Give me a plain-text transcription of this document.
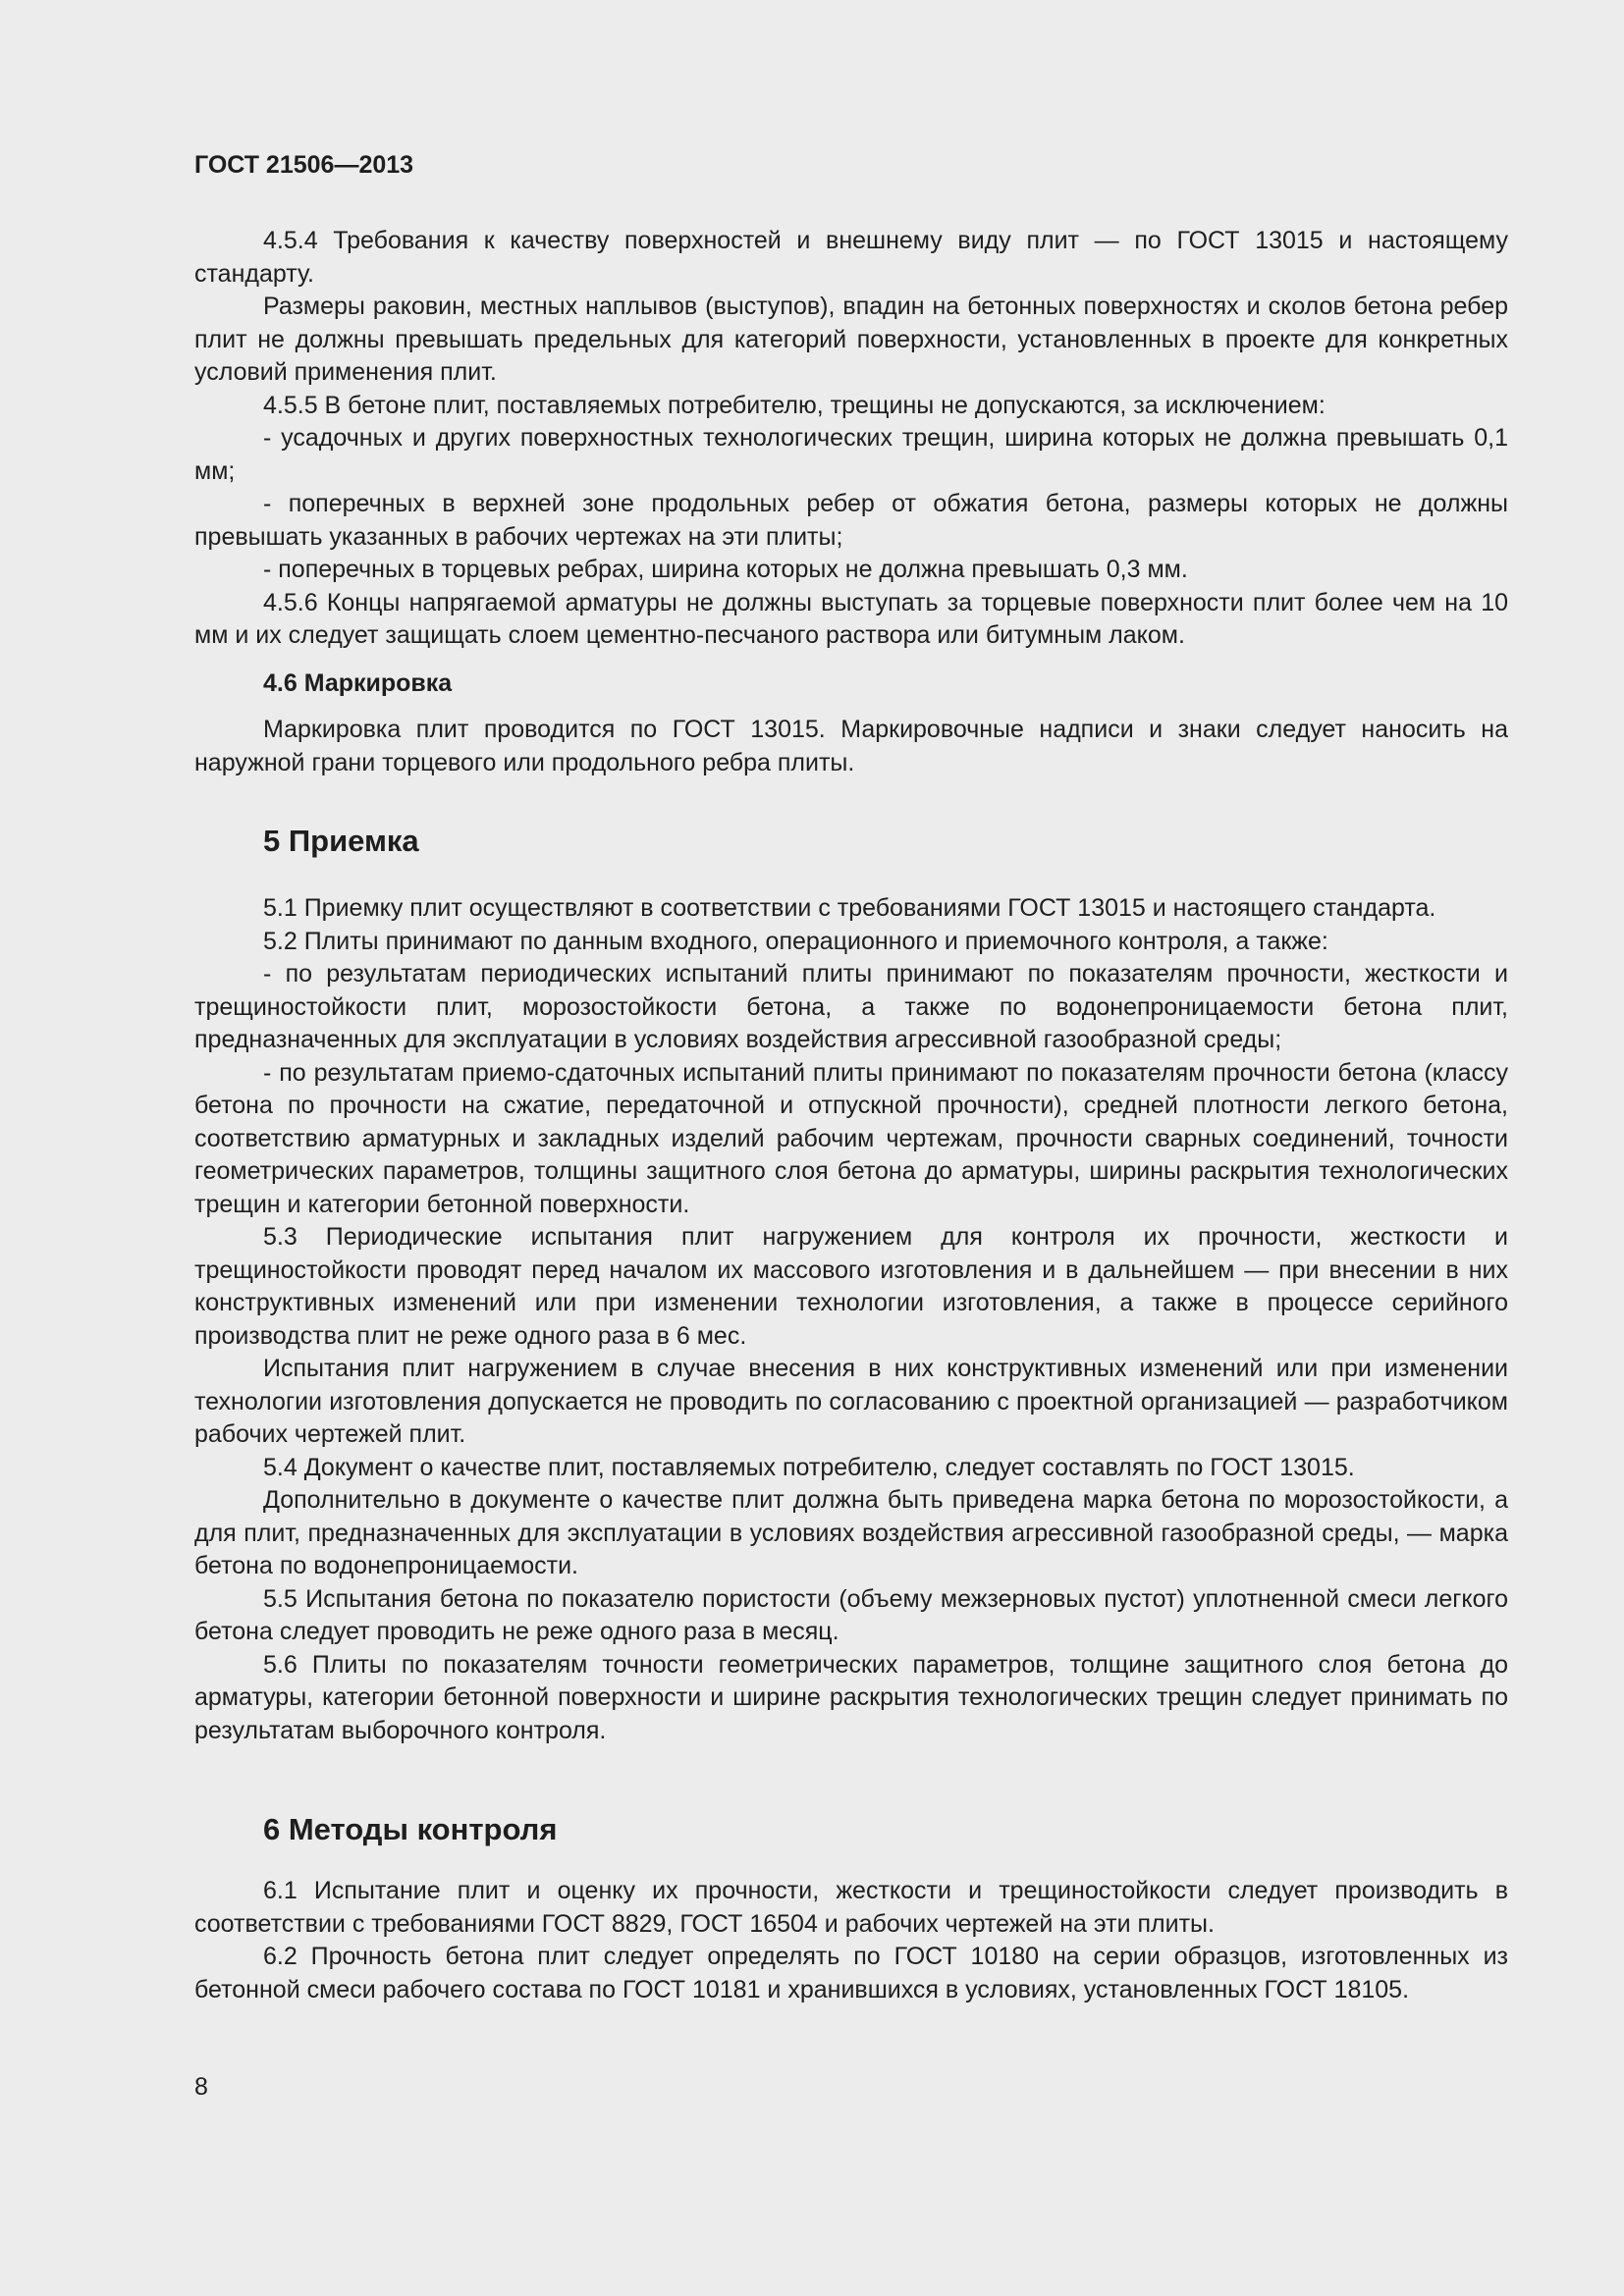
ГОСТ 21506—2013

4.5.4 Требования к качеству поверхностей и внешнему виду плит — по ГОСТ 13015 и настоящему стандарту.

Размеры раковин, местных наплывов (выступов), впадин на бетонных поверхностях и сколов бетона ребер плит не должны превышать предельных для категорий поверхности, установленных в проекте для конкретных условий применения плит.

4.5.5 В бетоне плит, поставляемых потребителю, трещины не допускаются, за исключением:

- усадочных и других поверхностных технологических трещин, ширина которых не должна превышать 0,1 мм;

- поперечных в верхней зоне продольных ребер от обжатия бетона, размеры которых не должны превышать указанных в рабочих чертежах на эти плиты;

- поперечных в торцевых ребрах, ширина которых не должна превышать 0,3 мм.

4.5.6 Концы напрягаемой арматуры не должны выступать за торцевые поверхности плит более чем на 10 мм и их следует защищать слоем цементно-песчаного раствора или битумным лаком.

4.6 Маркировка

Маркировка плит проводится по ГОСТ 13015. Маркировочные надписи и знаки следует наносить на наружной грани торцевого или продольного ребра плиты.

5 Приемка

5.1 Приемку плит осуществляют в соответствии с требованиями ГОСТ 13015 и настоящего стандарта.

5.2 Плиты принимают по данным входного, операционного и приемочного контроля, а также:

- по результатам периодических испытаний плиты принимают по показателям прочности, жесткости и трещиностойкости плит, морозостойкости бетона, а также по водонепроницаемости бетона плит, предназначенных для эксплуатации в условиях воздействия агрессивной газообразной среды;

- по результатам приемо-сдаточных испытаний плиты принимают по показателям прочности бетона (классу бетона по прочности на сжатие, передаточной и отпускной прочности), средней плотности легкого бетона, соответствию арматурных и закладных изделий рабочим чертежам, прочности сварных соединений, точности геометрических параметров, толщины защитного слоя бетона до арматуры, ширины раскрытия технологических трещин и категории бетонной поверхности.

5.3 Периодические испытания плит нагружением для контроля их прочности, жесткости и трещиностойкости проводят перед началом их массового изготовления и в дальнейшем — при внесении в них конструктивных изменений или при изменении технологии изготовления, а также в процессе серийного производства плит не реже одного раза в 6 мес.

Испытания плит нагружением в случае внесения в них конструктивных изменений или при изменении технологии изготовления допускается не проводить по согласованию с проектной организацией — разработчиком рабочих чертежей плит.

5.4 Документ о качестве плит, поставляемых потребителю, следует составлять по ГОСТ 13015.

Дополнительно в документе о качестве плит должна быть приведена марка бетона по морозостойкости, а для плит, предназначенных для эксплуатации в условиях воздействия агрессивной газообразной среды, — марка бетона по водонепроницаемости.

5.5 Испытания бетона по показателю пористости (объему межзерновых пустот) уплотненной смеси легкого бетона следует проводить не реже одного раза в месяц.

5.6 Плиты по показателям точности геометрических параметров, толщине защитного слоя бетона до арматуры, категории бетонной поверхности и ширине раскрытия технологических трещин следует принимать по результатам выборочного контроля.

6 Методы контроля

6.1 Испытание плит и оценку их прочности, жесткости и трещиностойкости следует производить в соответствии с требованиями ГОСТ 8829, ГОСТ 16504 и рабочих чертежей на эти плиты.

6.2 Прочность бетона плит следует определять по ГОСТ 10180 на серии образцов, изготовленных из бетонной смеси рабочего состава по ГОСТ 10181 и хранившихся в условиях, установленных ГОСТ 18105.

8
